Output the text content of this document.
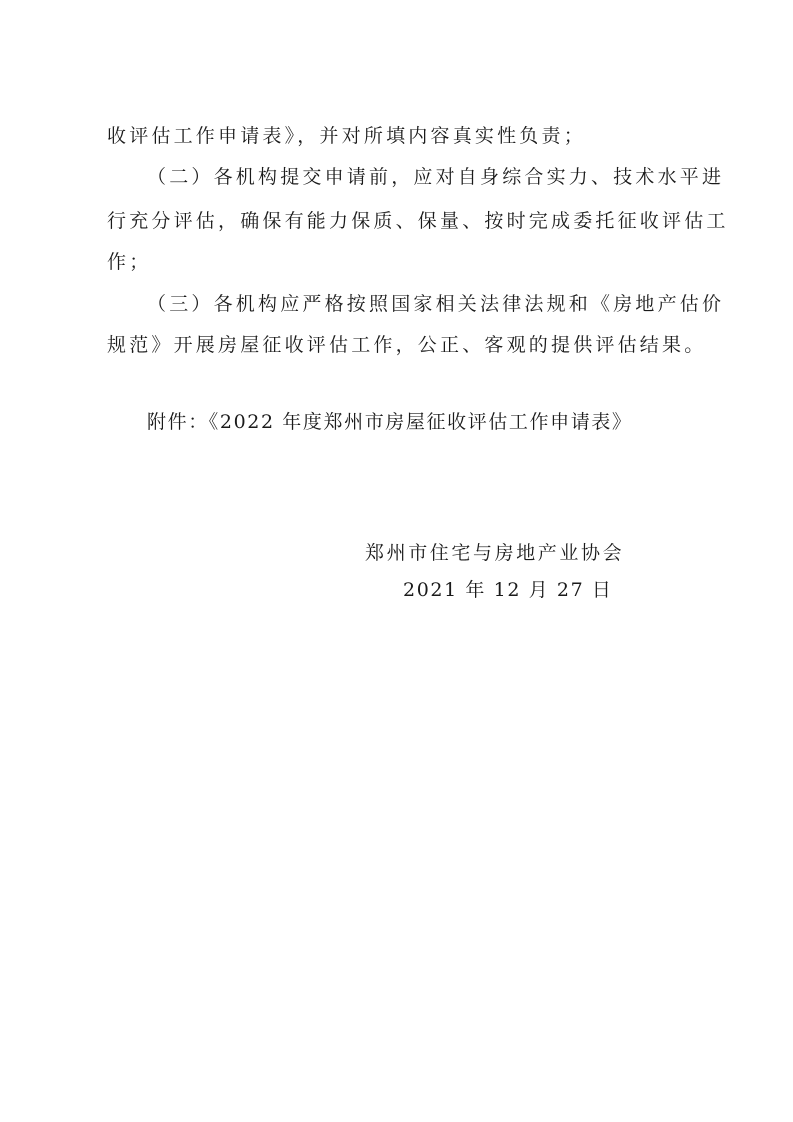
收评估工作申请表》，并对所填内容真实性负责；
（二）各机构提交申请前，应对自身综合实力、技术水平进
行充分评估，确保有能力保质、保量、按时完成委托征收评估工
作；
（三）各机构应严格按照国家相关法律法规和《房地产估价
规范》开展房屋征收评估工作，公正、客观的提供评估结果。
附件：《2022 年度郑州市房屋征收评估工作申请表》
郑州市住宅与房地产业协会
2021 年 12 月 27 日
